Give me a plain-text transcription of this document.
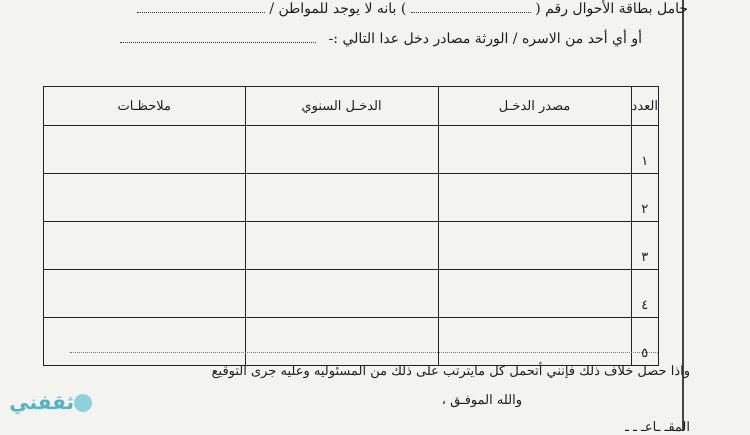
حامل بطاقة الأحوال رقم (  ) بانه لا يوجد للمواطن /
أو أي أحد من الاسره / الورثة مصادر دخل عدا التالي :-
العدد	مصدر الدخـل	الدخـل السنوي	ملاحظـات
١			
٢			
٣			
٤			
٥			
واذا حصل خلاف ذلك فإنني أتحمل كل مايترتب على ذلك من المسئوليه وعليه جرى التوقيع
والله الموفـق ،
المقـ ـاعـ ـ ـ
ثقفني
